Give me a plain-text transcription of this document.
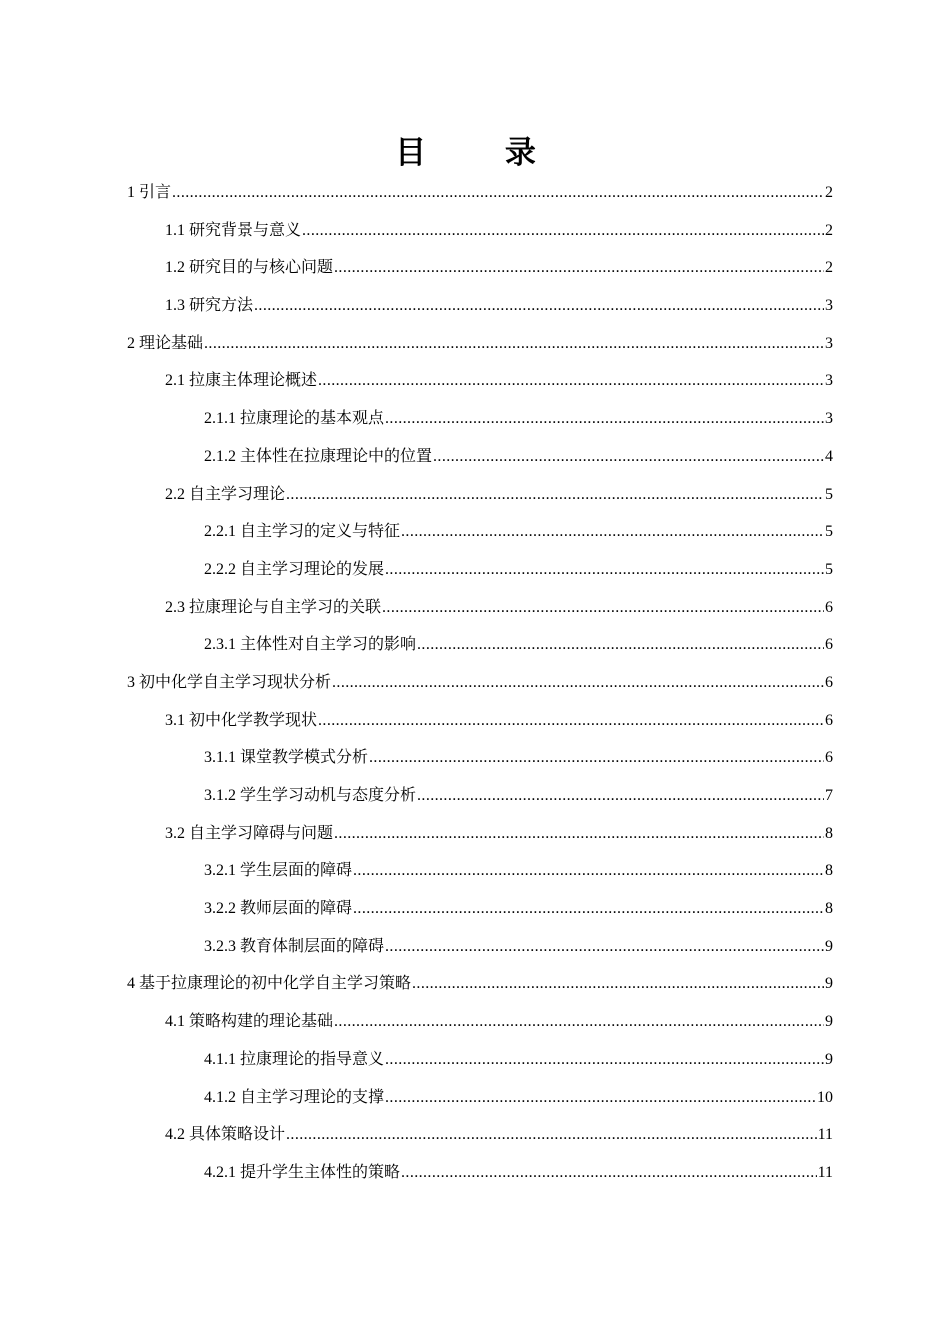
目 录
1 引言 .....	2
1.1 研究背景与意义 .....	2
1.2 研究目的与核心问题 .....	2
1.3 研究方法 .....	3
2 理论基础 .....	3
2.1 拉康主体理论概述 .....	3
2.1.1 拉康理论的基本观点 .....	3
2.1.2 主体性在拉康理论中的位置 .....	4
2.2 自主学习理论 .....	5
2.2.1 自主学习的定义与特征 .....	5
2.2.2 自主学习理论的发展 .....	5
2.3 拉康理论与自主学习的关联 .....	6
2.3.1 主体性对自主学习的影响 .....	6
3 初中化学自主学习现状分析 .....	6
3.1 初中化学教学现状 .....	6
3.1.1 课堂教学模式分析 .....	6
3.1.2 学生学习动机与态度分析 .....	7
3.2 自主学习障碍与问题 .....	8
3.2.1 学生层面的障碍 .....	8
3.2.2 教师层面的障碍 .....	8
3.2.3 教育体制层面的障碍 .....	9
4 基于拉康理论的初中化学自主学习策略 .....	9
4.1 策略构建的理论基础 .....	9
4.1.1 拉康理论的指导意义 .....	9
4.1.2 自主学习理论的支撑 .....	10
4.2 具体策略设计 .....	11
4.2.1 提升学生主体性的策略 .....	11
